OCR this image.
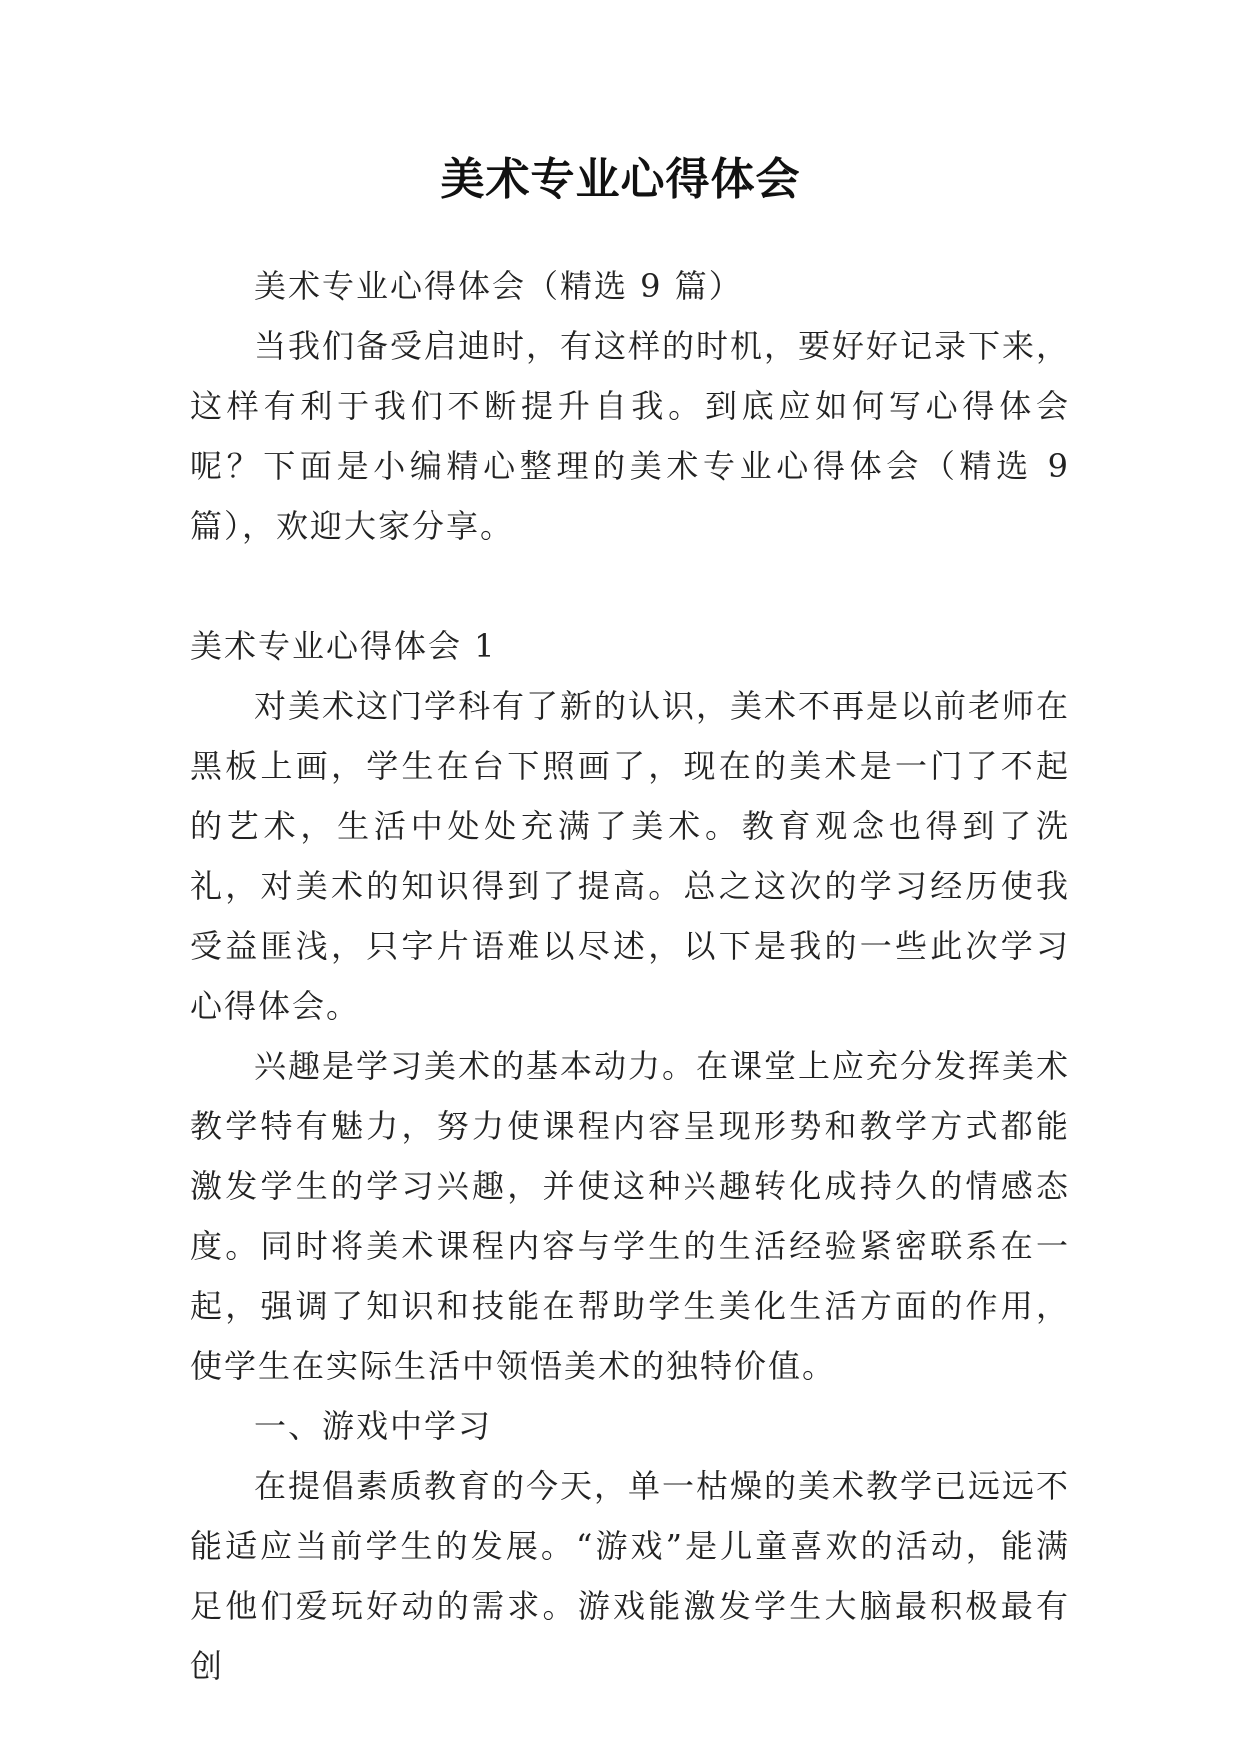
美术专业心得体会

美术专业心得体会（精选 9 篇）

当我们备受启迪时，有这样的时机，要好好记录下来，这样有利于我们不断提升自我。到底应如何写心得体会呢？下面是小编精心整理的美术专业心得体会（精选 9 篇），欢迎大家分享。

美术专业心得体会 1

对美术这门学科有了新的认识，美术不再是以前老师在黑板上画，学生在台下照画了，现在的美术是一门了不起的艺术，生活中处处充满了美术。教育观念也得到了洗礼，对美术的知识得到了提高。总之这次的学习经历使我受益匪浅，只字片语难以尽述，以下是我的一些此次学习心得体会。

兴趣是学习美术的基本动力。在课堂上应充分发挥美术教学特有魅力，努力使课程内容呈现形势和教学方式都能激发学生的学习兴趣，并使这种兴趣转化成持久的情感态度。同时将美术课程内容与学生的生活经验紧密联系在一起，强调了知识和技能在帮助学生美化生活方面的作用，使学生在实际生活中领悟美术的独特价值。

一、游戏中学习

在提倡素质教育的今天，单一枯燥的美术教学已远远不能适应当前学生的发展。“游戏”是儿童喜欢的活动，能满足他们爱玩好动的需求。游戏能激发学生大脑最积极最有创
